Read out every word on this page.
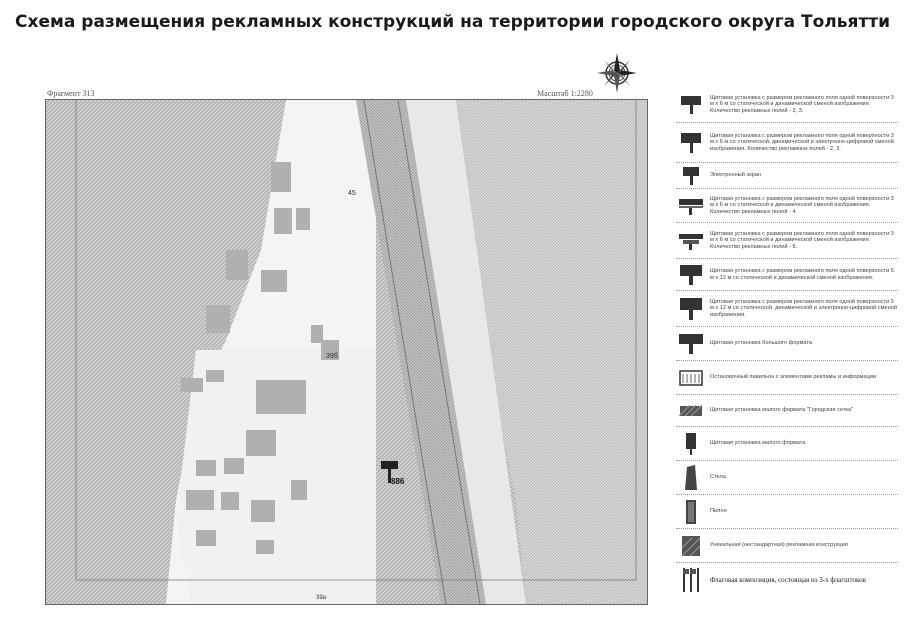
Схема размещения рекламных конструкций на территории городского округа Тольятти
Фрагмент 313	Масштаб 1:2280
39б
45
886
39а
Щитовая установка с размером рекламного поля одной поверхности 3 м х 6 м со статической и динамической сменой изображения. Количество рекламных полей - 2, 3.
Щитовая установка с размером рекламного поля одной поверхности 3 м х 6 м со статической, динамической и электронно-цифровой сменой изображения. Количество рекламных полей - 2, 3.
Электронный экран
Щитовая установка с размером рекламного поля одной поверхности 3 м х 6 м со статической и динамической сменой изображения. Количество рекламных полей - 4.
Щитовая установка с размером рекламного поля одной поверхности 3 м х 6 м со статической и динамической сменой изображения. Количество рекламных полей - 8.
Щитовая установка с размером рекламного поля одной поверхности 5 м х 12 м со статической и динамической сменой изображения.
Щитовая установка с размером рекламного поля одной поверхности 5 м х 12 м со статической, динамической и электронно-цифровой сменой изображения.
Щитовая установка большого формата
Остановочный павильон с элементами рекламы и информации
Щитовая установка малого формата "Городская сетка"
Щитовая установка малого формата
Стела
Пилон
Уникальная (нестандартная) рекламная конструкция
Флаговая композиция, состоящая из 3-х флагштоков
